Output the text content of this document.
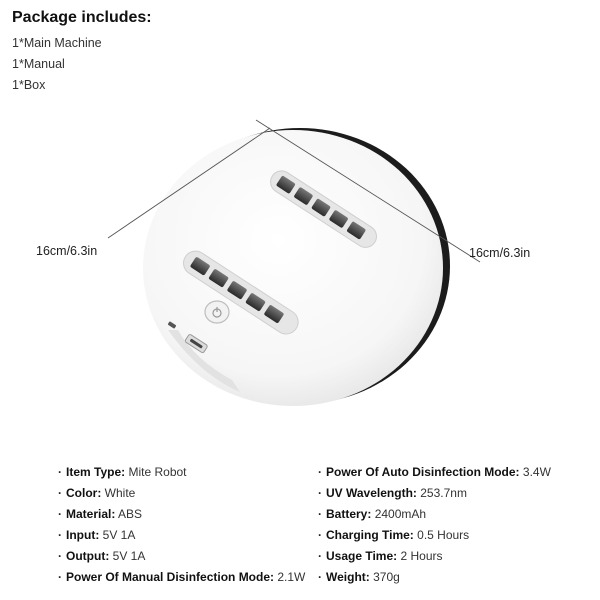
Package includes:
1*Main Machine
1*Manual
1*Box
16cm/6.3in	16cm/6.3in
· Item Type: Mite Robot
· Color: White
· Material: ABS
· Input: 5V 1A
· Output: 5V 1A
· Power Of Manual Disinfection Mode: 2.1W
· Power Of Auto Disinfection Mode: 3.4W
· UV Wavelength: 253.7nm
· Battery: 2400mAh
· Charging Time: 0.5 Hours
· Usage Time: 2 Hours
· Weight: 370g
